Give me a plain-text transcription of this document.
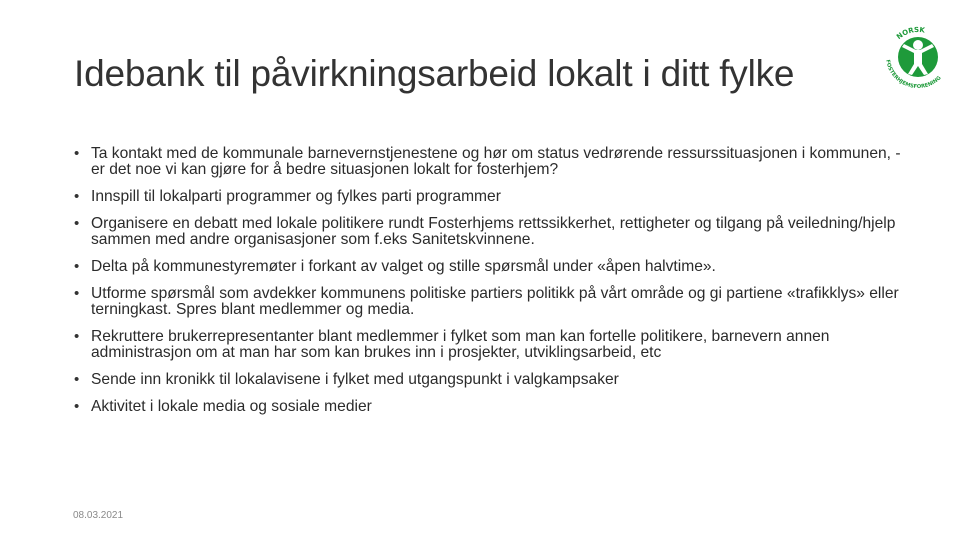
Idebank til påvirkningsarbeid lokalt i ditt fylke
NORSK
FOSTERHJEMSFORENING
• Ta kontakt med de kommunale barnevernstjenestene og hør om status vedrørende ressurssituasjonen i kommunen, - er det noe vi kan gjøre for å bedre situasjonen lokalt for fosterhjem?
• Innspill til lokalparti programmer og fylkes parti programmer
• Organisere en debatt med lokale politikere rundt Fosterhjems rettssikkerhet, rettigheter og tilgang på veiledning/hjelp sammen med andre organisasjoner som f.eks Sanitetskvinnene.
• Delta på kommunestyremøter i forkant av valget og stille spørsmål under «åpen halvtime».
• Utforme spørsmål som avdekker kommunens politiske partiers politikk på vårt område og gi partiene «trafikklys» eller terningkast. Spres blant medlemmer og media.
• Rekruttere brukerrepresentanter blant medlemmer i fylket som man kan fortelle politikere, barnevern annen administrasjon om at man har som kan brukes inn i prosjekter, utviklingsarbeid, etc
• Sende inn kronikk til lokalavisene i fylket med utgangspunkt i valgkampsaker
• Aktivitet i lokale media og sosiale medier
08.03.2021
